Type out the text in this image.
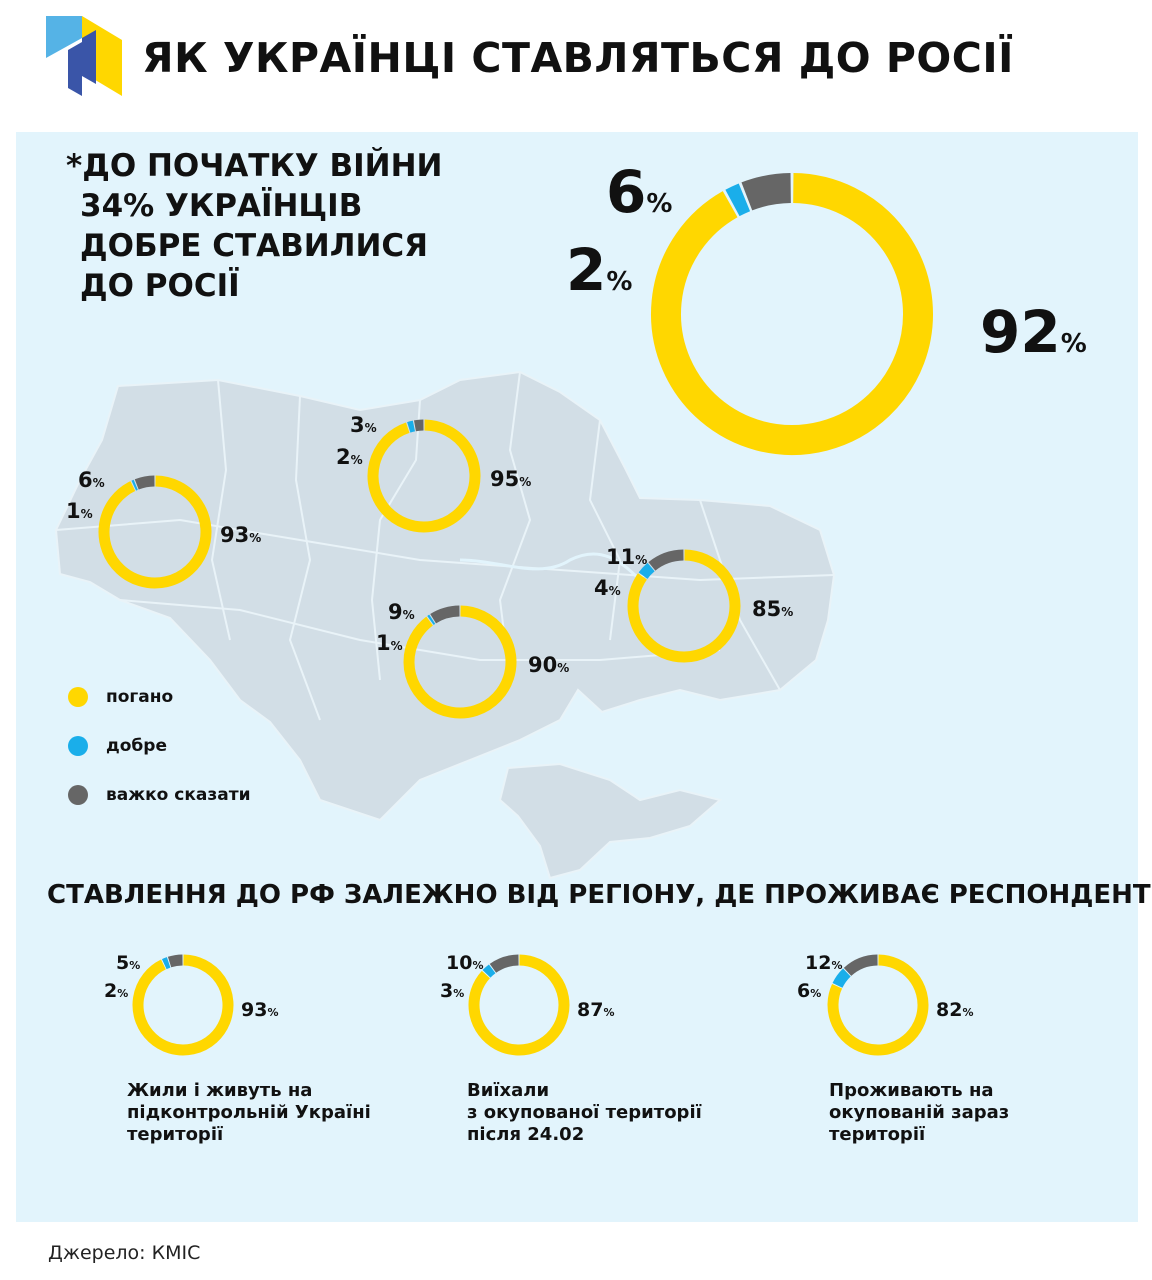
ЯК УКРАЇНЦІ СТАВЛЯТЬСЯ ДО РОСІЇ
92%
2%
6%
93%
1%
6%	95%
2%
3%
90%
1%
9%	85%
4%
11%
93%
2%
5%
87%
3%
10%
82%
6%
12%
*ДО ПОЧАТКУ ВІЙНИ
34% УКРАЇНЦІВ
ДОБРЕ СТАВИЛИСЯ
ДО РОСІЇ
погано
добре
важко сказати
СТАВЛЕННЯ ДО РФ ЗАЛЕЖНО ВІД РЕГІОНУ, ДЕ ПРОЖИВАЄ РЕСПОНДЕНТ
Жили і живуть на
підконтрольній Україні
території
Виїхали
з окупованої території
після 24.02
Проживають на
окупованій зараз
території
Джерело: КМІС
